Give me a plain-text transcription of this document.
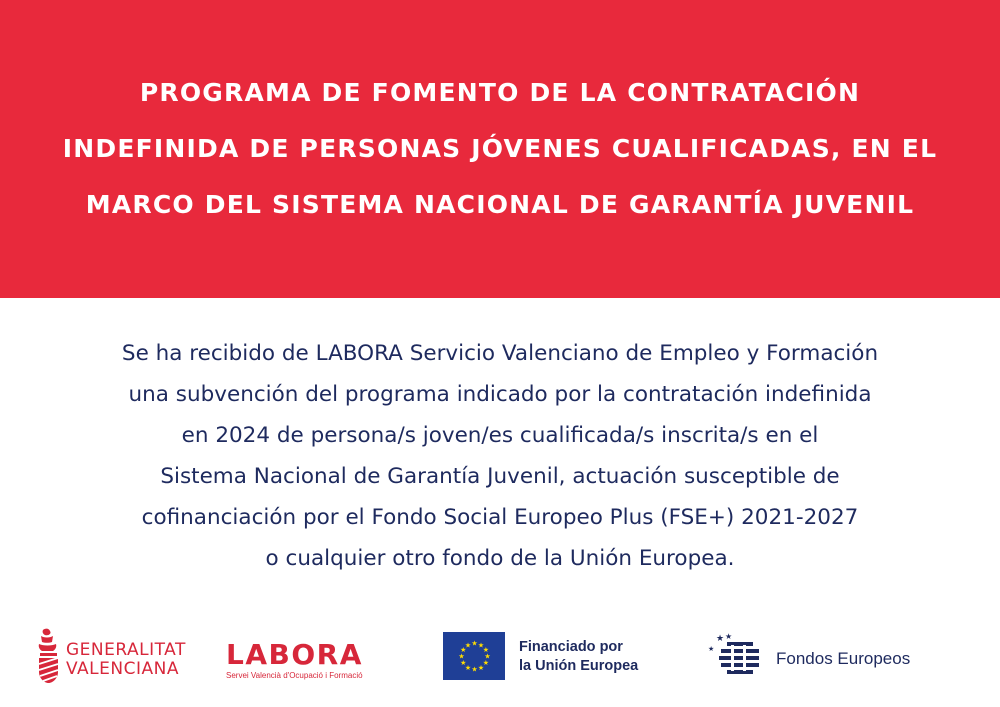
PROGRAMA DE FOMENTO DE LA CONTRATACIÓN
INDEFINIDA DE PERSONAS JÓVENES CUALIFICADAS, EN EL
MARCO DEL SISTEMA NACIONAL DE GARANTÍA JUVENIL
Se ha recibido de LABORA Servicio Valenciano de Empleo y Formación
una subvención del programa indicado por la contratación indefinida
en 2024 de persona/s joven/es cualificada/s inscrita/s en el
Sistema Nacional de Garantía Juvenil, actuación susceptible de
cofinanciación por el Fondo Social Europeo Plus (FSE+) 2021-2027
o cualquier otro fondo de la Unión Europea.
GENERALITAT
VALENCIANA LABORA
Servei Valencià d'Ocupació i Formació
★ ★
★
★
★
★
★
★
★
★
★
★	Financiado por
la Unión Europea
★ ★
★	Fondos Europeos
